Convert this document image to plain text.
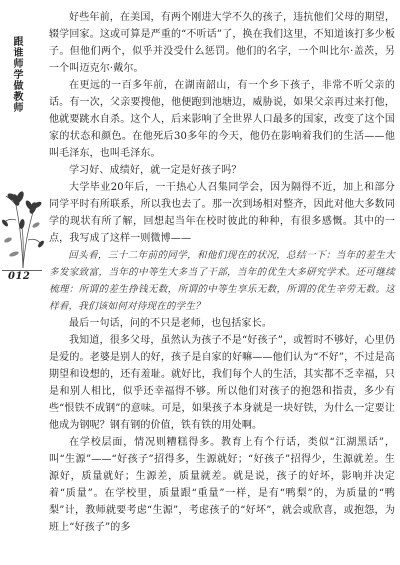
跟谁师学做教师
012

好些年前，在美国，有两个刚进大学不久的孩子，违抗他们父母的期望，辍学回家。这或可算是严重的“不听话”了，换在我们这里，不知道该打多少板子。但他们两个，似乎并没受什么惩罚。他们的名字，一个叫比尔·盖茨，另一个叫迈克尔·戴尔。

在更远的一百多年前，在湖南韶山，有一个乡下孩子，非常不听父亲的话。有一次，父亲要搜他，他便跑到池塘边，威胁说，如果父亲再过来打他，他就要跳水自杀。这个人，后来影响了全世界人口最多的国家，改变了这个国家的状态和颜色。在他死后30多年的今天，他仍在影响着我们的生活——他叫毛泽东，也叫毛泽东。

学习好、成绩好，就一定是好孩子吗？

大学毕业20年后，一干热心人召集同学会，因为隔得不近，加上和部分同学平时有所联系，所以我也去了。那一次到场相对整齐，因此对他大多数同学的现状有所了解，回想起当年在校时彼此的种种，有很多感慨。其中的一点，我写成了这样一则微博——

回头看，三十二年前的同学，和他们现在的状况，总结一下：当年的差生大多发家致富，当年的中等生大多当了干部，当年的优生大多研究学术。还可继续梳理：所谓的差生挣钱无数，所谓的中等生享乐无数，所谓的优生辛劳无数。这样看，我们该如何对待现在的学生？

最后一句话，问的不只是老师，也包括家长。

我知道，很多父母，虽然认为孩子不是“好孩子”，或暂时不够好，心里仍是爱的。老婆是别人的好，孩子是自家的好嘛——他们认为“不好”，不过是高期望和设想的，还有羞耻。就好比，我们每个人的生活，其实都不乏幸福，只是和别人相比，似乎还幸福得不够。所以他们对孩子的抱怨和指责，多少有些“恨铁不成钢”的意味。可是，如果孩子本身就是一块好铁，为什么一定要让他成为钢呢？钢有钢的价值，铁有铁的用处啊。

在学校层面，情况则糟糕得多。教育上有个行话，类似“江湖黑话”，叫“生源”——“好孩子”招得多，生源就好；“好孩子”招得少，生源就差。生源好，质量就好；生源差，质量就差。就是说，孩子的好坏，影响并决定着“质量”。在学校里，质量跟“重量”一样，是有“鸭梨”的，为质量的“鸭梨”计，教师就要考虑“生源”，考虑孩子的“好坏”，就会或欣喜，或抱怨，为班上“好孩子”的多
